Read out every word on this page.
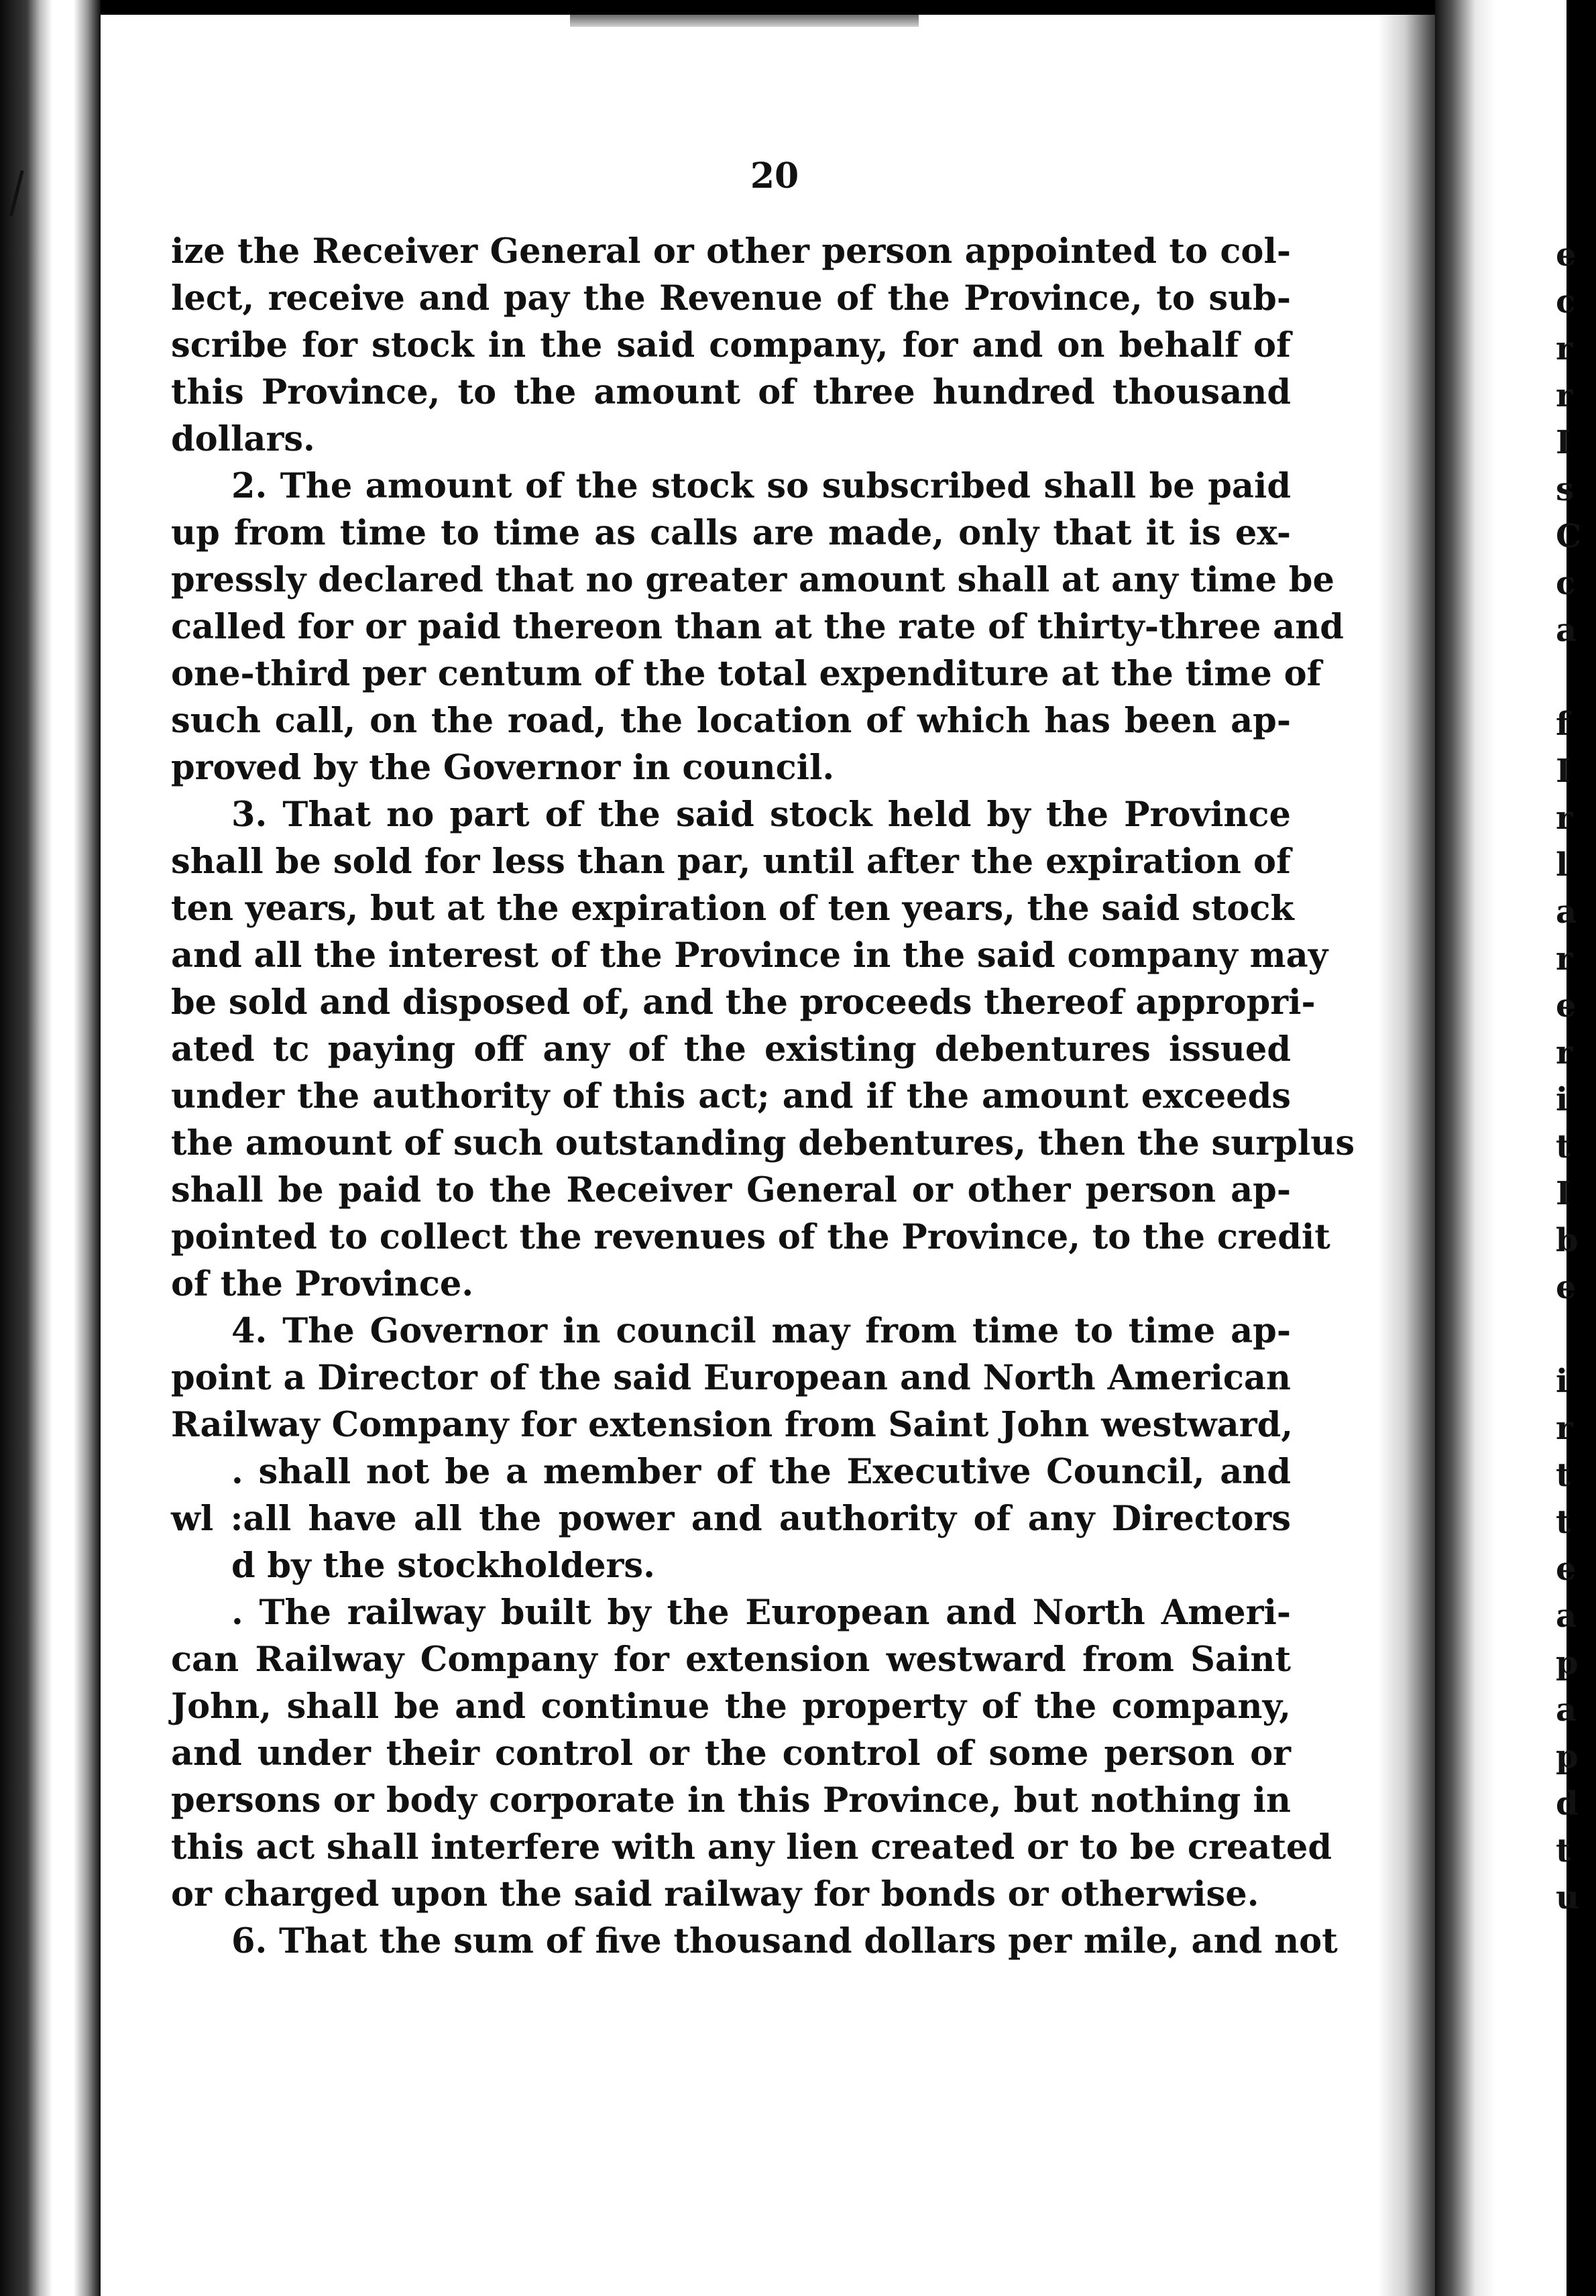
20
ize the Receiver General or other person appointed to col-
lect, receive and pay the Revenue of the Province, to sub-
scribe for stock in the said company, for and on behalf of
this Province, to the amount of three hundred thousand
dollars.
2. The amount of the stock so subscribed shall be paid
up from time to time as calls are made, only that it is ex-
pressly declared that no greater amount shall at any time be
called for or paid thereon than at the rate of thirty-three and
one-third per centum of the total expenditure at the time of
such call, on the road, the location of which has been ap-
proved by the Governor in council.
3. That no part of the said stock held by the Province
shall be sold for less than par, until after the expiration of
ten years, but at the expiration of ten years, the said stock
and all the interest of the Province in the said company may
be sold and disposed of, and the proceeds thereof appropri-
ated tc paying off any of the existing debentures issued
under the authority of this act; and if the amount exceeds
the amount of such outstanding debentures, then the surplus
shall be paid to the Receiver General or other person ap-
pointed to collect the revenues of the Province, to the credit
of the Province.
4. The Governor in council may from time to time ap-
point a Director of the said European and North American
Railway Company for extension from Saint John westward,
. shall not be a member of the Executive Council, and
wl :all have all the power and authority of any Directors
d by the stockholders.
. The railway built by the European and North Ameri-
can Railway Company for extension westward from Saint
John, shall be and continue the property of the company,
and under their control or the control of some person or
persons or body corporate in this Province, but nothing in
this act shall interfere with any lien created or to be created
or charged upon the said railway for bonds or otherwise.
6. That the sum of five thousand dollars per mile, and not
e
c
r
r
I
s
C
c
a
f
I
r
l
a
r
e
r
i
t
I
b
e
i
r
t
t
e
a
p
a
p
d
t
u
